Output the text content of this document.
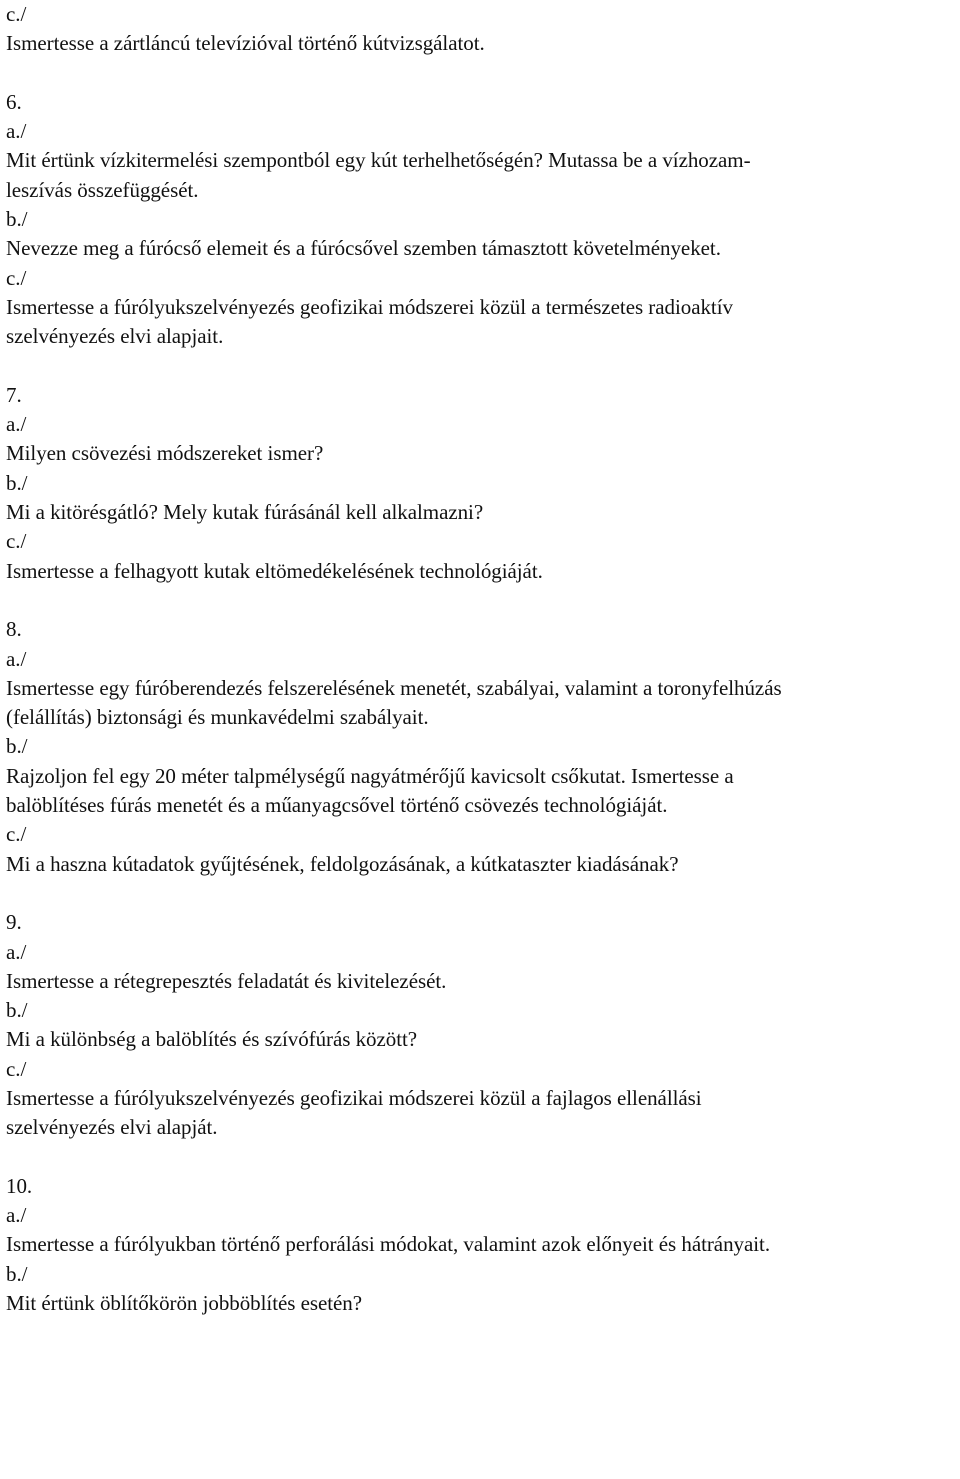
c./
Ismertesse a zártláncú televízióval történő kútvizsgálatot.
6.
a./
Mit értünk vízkitermelési szempontból egy kút terhelhetőségén? Mutassa be a vízhozam-
leszívás összefüggését.
b./
Nevezze meg a fúrócső elemeit és a fúrócsővel szemben támasztott követelményeket.
c./
Ismertesse a fúrólyukszelvényezés geofizikai módszerei közül a természetes radioaktív
szelvényezés elvi alapjait.
7.
a./
Milyen csövezési módszereket ismer?
b./
Mi a kitörésgátló? Mely kutak fúrásánál kell alkalmazni?
c./
Ismertesse a felhagyott kutak eltömedékelésének technológiáját.
8.
a./
Ismertesse egy fúróberendezés felszerelésének menetét, szabályai, valamint a toronyfelhúzás
(felállítás) biztonsági és munkavédelmi szabályait.
b./
Rajzoljon fel egy 20 méter talpmélységű nagyátmérőjű kavicsolt csőkutat. Ismertesse a
balöblítéses fúrás menetét és a műanyagcsővel történő csövezés technológiáját.
c./
Mi a haszna kútadatok gyűjtésének, feldolgozásának, a kútkataszter kiadásának?
9.
a./
Ismertesse a rétegrepesztés feladatát és kivitelezését.
b./
Mi a különbség a balöblítés és szívófúrás között?
c./
Ismertesse a fúrólyukszelvényezés geofizikai módszerei közül a fajlagos ellenállási
szelvényezés elvi alapját.
10.
a./
Ismertesse a fúrólyukban történő perforálási módokat, valamint azok előnyeit és hátrányait.
b./
Mit értünk öblítőkörön jobböblítés esetén?
